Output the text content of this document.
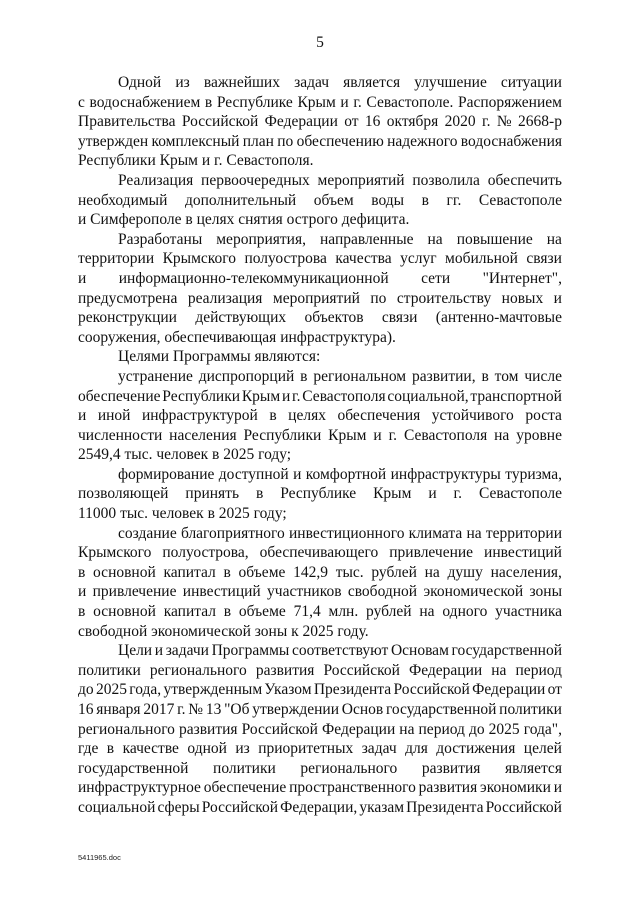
5
Одной из важнейших задач является улучшение ситуации
с водоснабжением в Республике Крым и г. Севастополе. Распоряжением
Правительства Российской Федерации от 16 октября 2020 г. № 2668-р
утвержден комплексный план по обеспечению надежного водоснабжения
Республики Крым и г. Севастополя.
Реализация первоочередных мероприятий позволила обеспечить
необходимый дополнительный объем воды в гг. Севастополе
и Симферополе в целях снятия острого дефицита.
Разработаны мероприятия, направленные на повышение на
территории Крымского полуострова качества услуг мобильной связи
и информационно-телекоммуникационной сети "Интернет",
предусмотрена реализация мероприятий по строительству новых и
реконструкции действующих объектов связи (антенно-мачтовые
сооружения, обеспечивающая инфраструктура).
Целями Программы являются:
устранение диспропорций в региональном развитии, в том числе
обеспечение Республики Крым и г. Севастополя социальной, транспортной
и иной инфраструктурой в целях обеспечения устойчивого роста
численности населения Республики Крым и г. Севастополя на уровне
2549,4 тыс. человек в 2025 году;
формирование доступной и комфортной инфраструктуры туризма,
позволяющей принять в Республике Крым и г. Севастополе
11000 тыс. человек в 2025 году;
создание благоприятного инвестиционного климата на территории
Крымского полуострова, обеспечивающего привлечение инвестиций
в основной капитал в объеме 142,9 тыс. рублей на душу населения,
и привлечение инвестиций участников свободной экономической зоны
в основной капитал в объеме 71,4 млн. рублей на одного участника
свободной экономической зоны к 2025 году.
Цели и задачи Программы соответствуют Основам государственной
политики регионального развития Российской Федерации на период
до 2025 года, утвержденным Указом Президента Российской Федерации от
16 января 2017 г. № 13 "Об утверждении Основ государственной политики
регионального развития Российской Федерации на период до 2025 года",
где в качестве одной из приоритетных задач для достижения целей
государственной политики регионального развития является
инфраструктурное обеспечение пространственного развития экономики и
социальной сферы Российской Федерации, указам Президента Российской
5411965.doc
